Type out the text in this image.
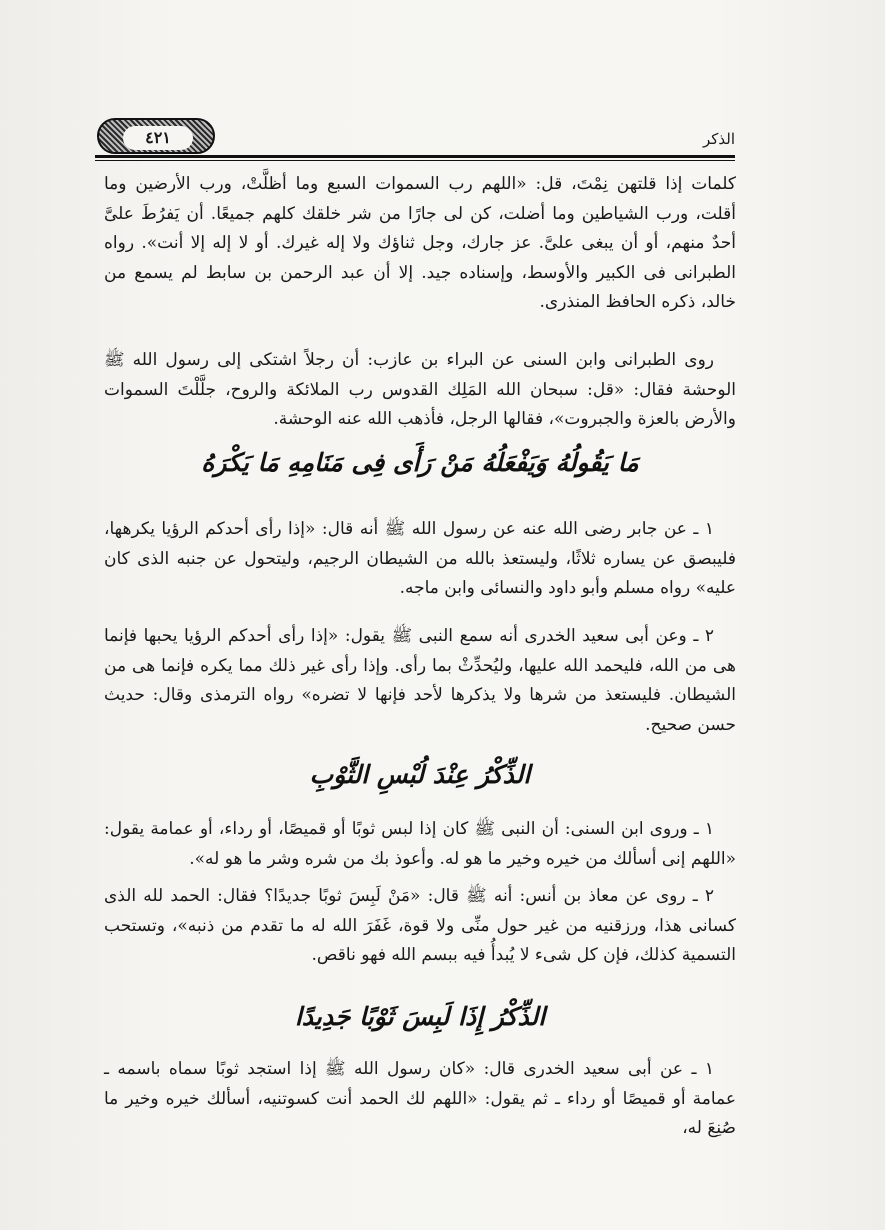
٤٢١	الذكر
كلمات إذا قلتهن نِمْتَ، قل: «اللهم رب السموات السبع وما أظلَّتْ، ورب الأرضين وما أقلت، ورب الشياطين وما أضلت، كن لى جارًا من شر خلقك كلهم جميعًا. أن يَفرُطَ علىَّ أحدٌ منهم، أو أن يبغى علىَّ. عز جارك، وجل ثناؤك ولا إله غيرك. أو لا إله إلا أنت». رواه الطبرانى فى الكبير والأوسط، وإسناده جيد. إلا أن عبد الرحمن بن سابط لم يسمع من خالد، ذكره الحافظ المنذرى.
روى الطبرانى وابن السنى عن البراء بن عازب: أن رجلاً اشتكى إلى رسول الله ﷺ الوحشة فقال: «قل: سبحان الله المَلِك القدوس رب الملائكة والروح، جلَّلْتَ السموات والأرض بالعزة والجبروت»، فقالها الرجل، فأذهب الله عنه الوحشة.
مَا يَقُولُهُ وَيَفْعَلُهُ مَنْ رَأَى فِى مَنَامِهِ مَا يَكْرَهُ
١ ـ عن جابر رضى الله عنه عن رسول الله ﷺ أنه قال: «إذا رأى أحدكم الرؤيا يكرهها، فليبصق عن يساره ثلاثًا، وليستعذ بالله من الشيطان الرجيم، وليتحول عن جنبه الذى كان عليه» رواه مسلم وأبو داود والنسائى وابن ماجه.
٢ ـ وعن أبى سعيد الخدرى أنه سمع النبى ﷺ يقول: «إذا رأى أحدكم الرؤيا يحبها فإنما هى من الله، فليحمد الله عليها، وليُحدِّثْ بما رأى. وإذا رأى غير ذلك مما يكره فإنما هى من الشيطان. فليستعذ من شرها ولا يذكرها لأحد فإنها لا تضره» رواه الترمذى وقال: حديث حسن صحيح.
الذِّكْرُ عِنْدَ لُبْسِ الثَّوْبِ
١ ـ وروى ابن السنى: أن النبى ﷺ كان إذا لبس ثوبًا أو قميصًا، أو رداء، أو عمامة يقول: «اللهم إنى أسألك من خيره وخير ما هو له. وأعوذ بك من شره وشر ما هو له».
٢ ـ روى عن معاذ بن أنس: أنه ﷺ قال: «مَنْ لَبِسَ ثوبًا جديدًا؟ فقال: الحمد لله الذى كسانى هذا، ورزقنيه من غير حول منِّى ولا قوة، غَفَرَ الله له ما تقدم من ذنبه»، وتستحب التسمية كذلك، فإن كل شىء لا يُبدأُ فيه ببسم الله فهو ناقص.
الذِّكْرُ إِذَا لَبِسَ ثَوْبًا جَدِيدًا
١ ـ عن أبى سعيد الخدرى قال: «كان رسول الله ﷺ إذا استجد ثوبًا سماه باسمه ـ عمامة أو قميصًا أو رداء ـ ثم يقول: «اللهم لك الحمد أنت كسوتنيه، أسألك خيره وخير ما صُنِعَ له،
